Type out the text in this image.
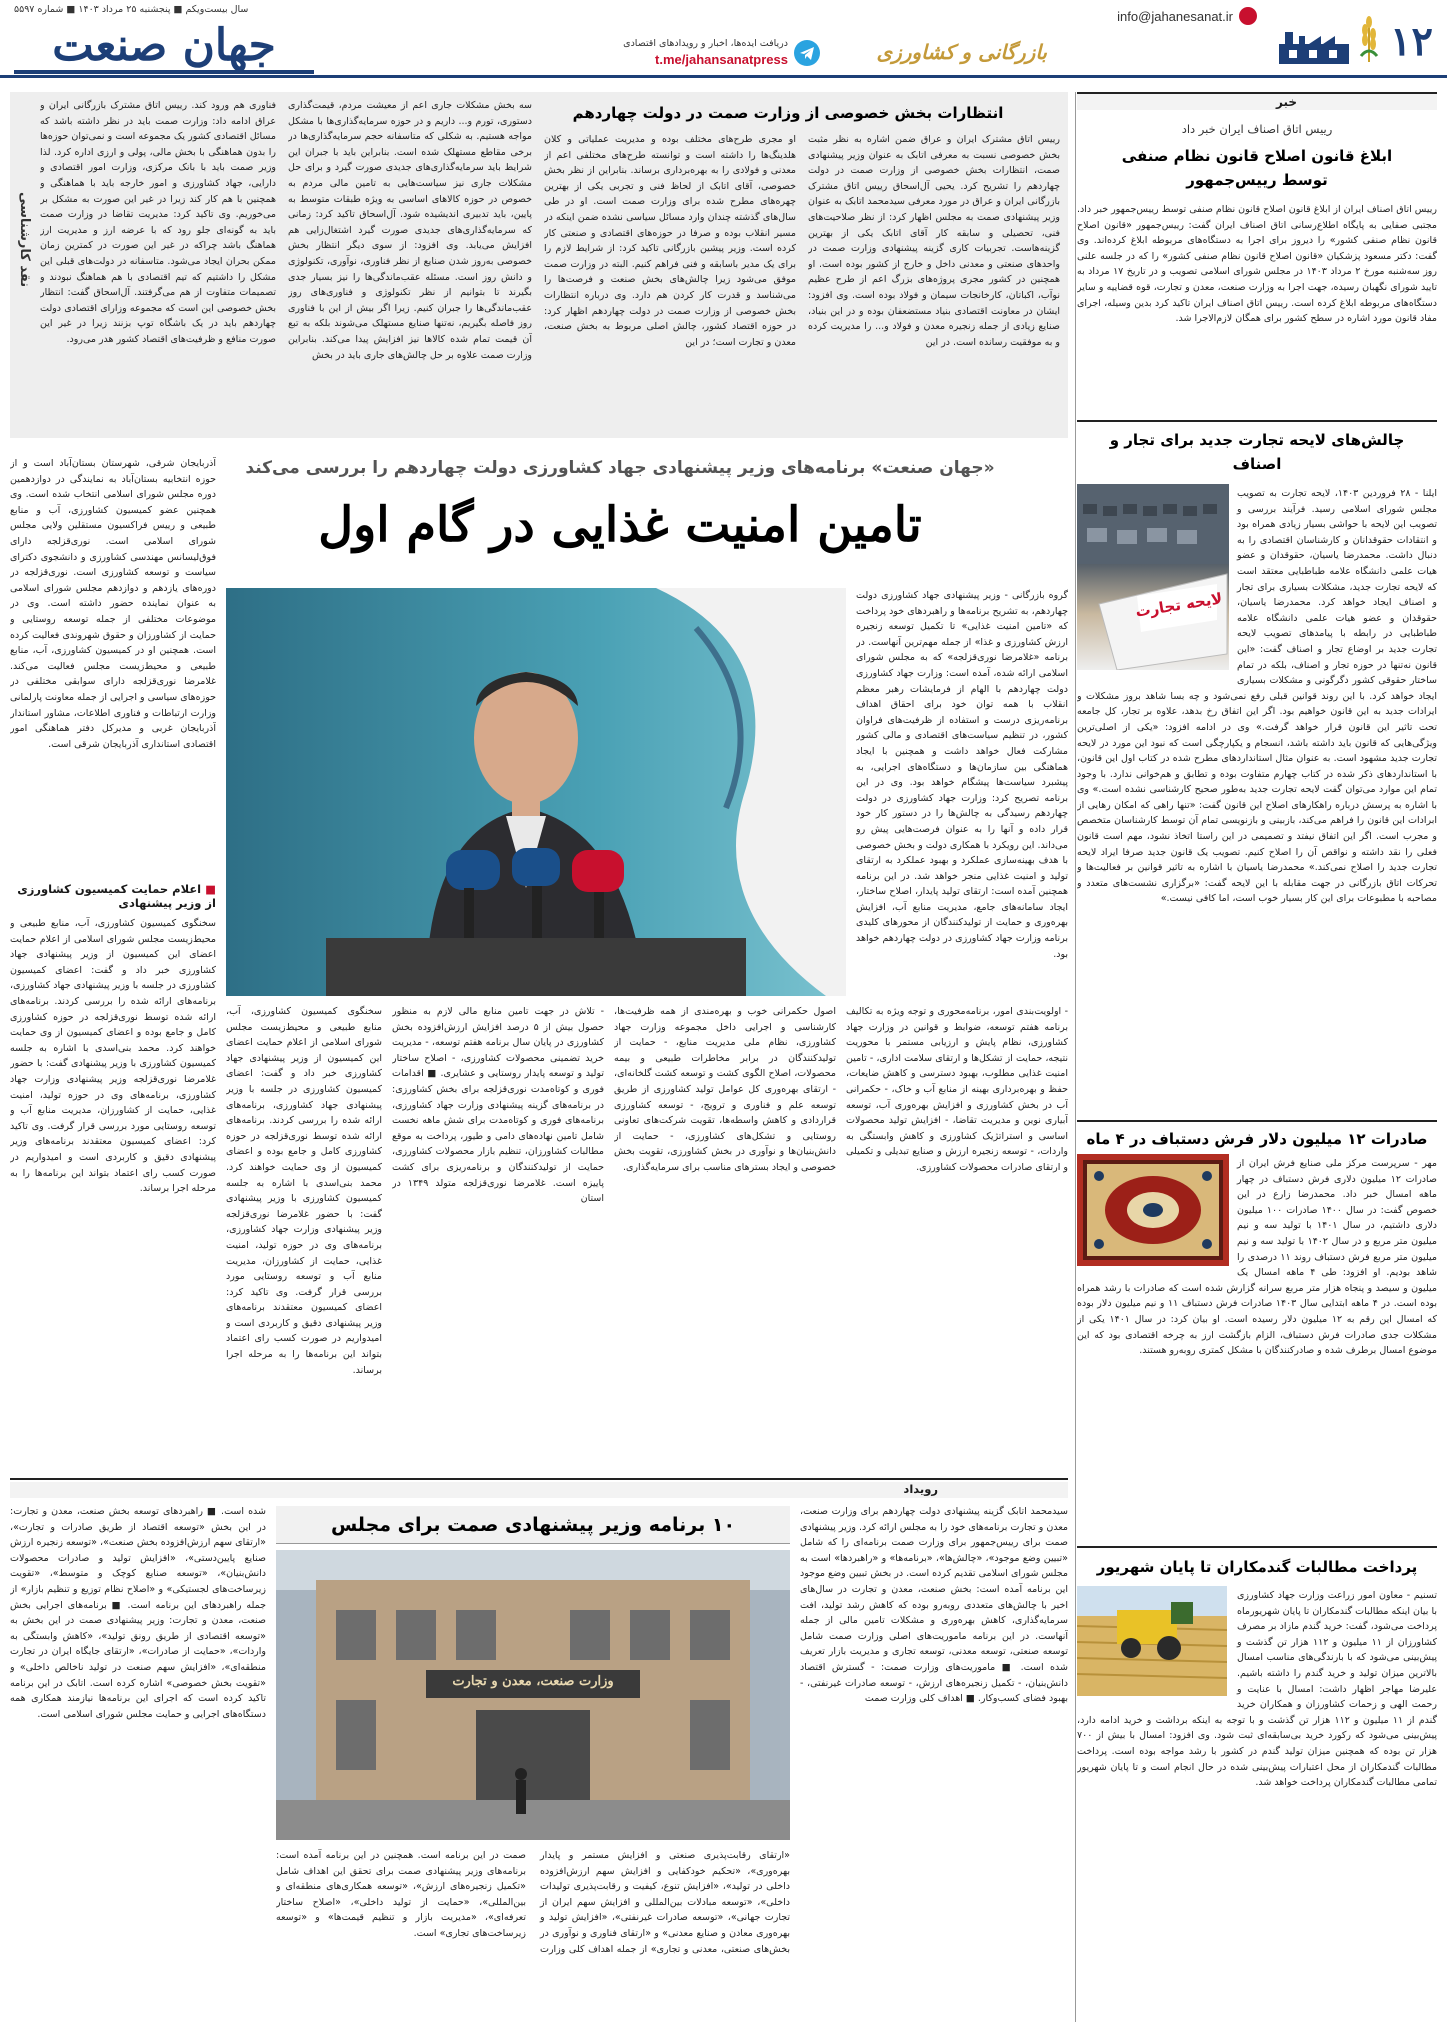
۱۲
info@jahanesanat.ir
بازرگانی و کشاورزی
دریافت ایده‌ها، اخبار و رویدادهای اقتصادی
t.me/jahansanatpress
سال بیست‌ویکم ■ پنجشنبه ۲۵ مرداد ۱۴۰۳ ■ شماره ۵۵۹۷
جهان صنعت
خبر
رییس اتاق اصناف ایران خبر داد
ابلاغ قانون اصلاح قانون نظام صنفی توسط رییس‌جمهور
رییس اتاق اصناف ایران از ابلاغ قانون اصلاح قانون نظام صنفی توسط رییس‌جمهور خبر داد. مجتبی صفایی به پایگاه اطلاع‌رسانی اتاق اصناف ایران گفت: رییس‌جمهور «قانون اصلاح قانون نظام صنفی کشور» را دیروز برای اجرا به دستگاه‌های مربوطه ابلاغ کرده‌اند. وی گفت: دکتر مسعود پزشکیان «قانون اصلاح قانون نظام صنفی کشور» را که در جلسه علنی روز سه‌شنبه مورخ ۲ مرداد ۱۴۰۳ در مجلس شورای اسلامی تصویب و در تاریخ ۱۷ مرداد به تایید شورای نگهبان رسیده، جهت اجرا به وزارت صنعت، معدن و تجارت، قوه قضاییه و سایر دستگاه‌های مربوطه ابلاغ کرده است. رییس اتاق اصناف ایران تاکید کرد بدین وسیله، اجرای مفاد قانون مورد اشاره در سطح کشور برای همگان لازم‌الاجرا شد.
چالش‌های لایحه تجارت جدید برای تجار و اصناف
لایحه تجارت
ایلنا - ۲۸ فروردین ۱۴۰۳، لایحه تجارت به تصویب مجلس شورای اسلامی رسید. فرآیند بررسی و تصویب این لایحه با حواشی بسیار زیادی همراه بود و انتقادات حقوقدانان و کارشناسان اقتصادی را به دنبال داشت. محمدرضا یاسیان، حقوقدان و عضو هیات علمی دانشگاه علامه طباطبایی معتقد است که لایحه تجارت جدید، مشکلات بسیاری برای تجار و اصناف ایجاد خواهد کرد. محمدرضا یاسیان، حقوقدان و عضو هیات علمی دانشگاه علامه طباطبایی در رابطه با پیامدهای تصویب لایحه تجارت جدید بر اوضاع تجار و اصناف گفت: «این قانون نه‌تنها در حوزه تجار و اصناف، بلکه در تمام ساختار حقوقی کشور دگرگونی و مشکلات بسیاری ایجاد خواهد کرد. با این روند قوانین قبلی رفع نمی‌شود و چه بسا شاهد بروز مشکلات و ایرادات جدید به این قانون خواهیم بود. اگر این اتفاق رخ بدهد، علاوه بر تجار، کل جامعه تحت تاثیر این قانون قرار خواهد گرفت.» وی در ادامه افزود: «یکی از اصلی‌ترین ویژگی‌هایی که قانون باید داشته باشد، انسجام و یکپارچگی است که نبود این مورد در لایحه تجارت جدید مشهود است. به عنوان مثال استانداردهای مطرح شده در کتاب اول این قانون، با استانداردهای ذکر شده در کتاب چهارم متفاوت بوده و تطابق و هم‌خوانی ندارد. با وجود تمام این موارد می‌توان گفت لایحه تجارت جدید به‌طور صحیح کارشناسی نشده است.» وی با اشاره به پرسش درباره راهکارهای اصلاح این قانون گفت: «تنها راهی که امکان رهایی از ابرادات این قانون را فراهم می‌کند، بازبینی و بازنویسی تمام آن توسط کارشناسان متخصص و مجرب است. اگر این اتفاق نیفتد و تصمیمی در این راستا اتخاذ نشود، مهم است قانون فعلی را نقد داشته و نواقص آن را اصلاح کنیم. تصویب یک قانون جدید صرفا ایراد لایحه تجارت جدید را اصلاح نمی‌کند.» محمدرضا یاسیان با اشاره به تاثیر قوانین بر فعالیت‌ها و تحرکات اتاق بازرگانی در جهت مقابله با این لایحه گفت: «برگزاری نشست‌های متعدد و مصاحبه با مطبوعات برای این کار بسیار خوب است، اما کافی نیست.»
صادرات ۱۲ میلیون دلار فرش دستباف در ۴ ماه
مهر - سرپرست مرکز ملی صنایع فرش ایران از صادرات ۱۲ میلیون دلاری فرش دستباف در چهار ماهه امسال خبر داد. محمدرضا زارع در این خصوص گفت: در سال ۱۴۰۰ صادرات ۱۰۰ میلیون دلاری داشتیم، در سال ۱۴۰۱ با تولید سه و نیم میلیون متر مربع و در سال ۱۴۰۲ با تولید سه و نیم میلیون متر مربع فرش دستباف روند ۱۱ درصدی را شاهد بودیم. او افزود: طی ۴ ماهه امسال یک میلیون و سیصد و پنجاه هزار متر مربع سرانه گزارش شده است که صادرات با رشد همراه بوده است. در ۴ ماهه ابتدایی سال ۱۴۰۳ صادرات فرش دستباف ۱۱ و نیم میلیون دلار بوده که امسال این رقم به ۱۲ میلیون دلار رسیده است. او بیان کرد: در سال ۱۴۰۱ یکی از مشکلات جدی صادرات فرش دستباف، الزام بازگشت ارز به چرخه اقتصادی بود که این موضوع امسال برطرف شده و صادرکنندگان با مشکل کمتری روبه‌رو هستند.
پرداخت مطالبات گندمکاران تا پایان شهریور
تسنیم - معاون امور زراعت وزارت جهاد کشاورزی با بیان اینکه مطالبات گندمکاران تا پایان شهریورماه پرداخت می‌شود، گفت: خرید گندم مازاد بر مصرف کشاورزان از ۱۱ میلیون و ۱۱۲ هزار تن گذشت و پیش‌بینی می‌شود که با بارندگی‌های مناسب امسال بالاترین میزان تولید و خرید گندم را داشته باشیم. علیرضا مهاجر اظهار داشت: امسال با عنایت و رحمت الهی و زحمات کشاورزان و همکاران خرید گندم از ۱۱ میلیون و ۱۱۲ هزار تن گذشت و با توجه به اینکه برداشت و خرید ادامه دارد، پیش‌بینی می‌شود که رکورد خرید بی‌سابقه‌ای ثبت شود. وی افزود: امسال با بیش از ۷۰۰ هزار تن بوده که همچنین میزان تولید گندم در کشور با رشد مواجه بوده است. پرداخت مطالبات گندمکاران از محل اعتبارات پیش‌بینی شده در حال انجام است و تا پایان شهریور تمامی مطالبات گندمکاران پرداخت خواهد شد.
نقد کارشناسی
انتظارات بخش خصوصی از وزارت صمت در دولت چهاردهم
رییس اتاق مشترک ایران و عراق ضمن اشاره به نظر مثبت بخش خصوصی نسبت به معرفی اتابک به عنوان وزیر پیشنهادی صمت، انتظارات بخش خصوصی از وزارت صمت در دولت چهاردهم را تشریح کرد. یحیی آل‌اسحاق رییس اتاق مشترک بازرگانی ایران و عراق در مورد معرفی سیدمحمد اتابک به عنوان وزیر پیشنهادی صمت به مجلس اظهار کرد: از نظر صلاحیت‌های فنی، تحصیلی و سابقه کار آقای اتابک یکی از بهترین گزینه‌هاست. تجربیات کاری گزینه پیشنهادی وزارت صمت در واحدهای صنعتی و معدنی داخل و خارج از کشور بوده است. او همچنین در کشور مجری پروژه‌های بزرگ اعم از طرح عظیم نوآب، اکباتان، کارخانجات سیمان و فولاد بوده است. وی افزود: ایشان در معاونت اقتصادی بنیاد مستضعفان بوده و در این بنیاد، صنایع زیادی از جمله زنجیره معدن و فولاد و... را مدیریت کرده و به موفقیت رسانده است. در این
او مجری طرح‌های مختلف بوده و مدیریت عملیاتی و کلان هلدینگ‌ها را داشته است و توانسته طرح‌های مختلفی اعم از معدنی و فولادی را به بهره‌برداری برساند. بنابراین از نظر بخش خصوصی، آقای اتابک از لحاظ فنی و تجربی یکی از بهترین چهره‌های مطرح شده برای وزارت صمت است. او در طی سال‌های گذشته چندان وارد مسائل سیاسی نشده ضمن اینکه در مسیر انقلاب بوده و صرفا در حوزه‌های اقتصادی و صنعتی کار کرده است. وزیر پیشین بازرگانی تاکید کرد: از شرایط لازم را برای یک مدیر باسابقه و فنی فراهم کنیم. البته در وزارت صمت موفق می‌شود زیرا چالش‌های بخش صنعت و فرصت‌ها را می‌شناسد و قدرت کار کردن هم دارد. وی درباره انتظارات بخش خصوصی از وزارت صمت در دولت چهاردهم اظهار کرد: در حوزه اقتصاد کشور، چالش اصلی مربوط به بخش صنعت، معدن و تجارت است؛ در این
سه بخش مشکلات جاری اعم از معیشت مردم، قیمت‌گذاری دستوری، تورم و... داریم و در حوزه سرمایه‌گذاری‌ها با مشکل مواجه هستیم. به شکلی که متاسفانه حجم سرمایه‌گذاری‌ها در برخی مقاطع مستهلک شده است. بنابراین باید با جبران این شرایط باید سرمایه‌گذاری‌های جدیدی صورت گیرد و برای حل مشکلات جاری نیز سیاست‌هایی به تامین مالی مردم به خصوص در حوزه کالاهای اساسی به ویژه طبقات متوسط به پایین، باید تدبیری اندیشیده شود. آل‌اسحاق تاکید کرد: زمانی که سرمایه‌گذاری‌های جدیدی صورت گیرد اشتغال‌زایی هم افزایش می‌یابد. وی افزود: از سوی دیگر انتظار بخش خصوصی به‌روز شدن صنایع از نظر فناوری، نوآوری، تکنولوژی و دانش روز است. مسئله عقب‌ماندگی‌ها را نیز بسیار جدی بگیرند تا بتوانیم از نظر تکنولوژی و فناوری‌های روز عقب‌ماندگی‌ها را جبران کنیم. زیرا اگر بیش از این با فناوری روز فاصله بگیریم، نه‌تنها صنایع مستهلک می‌شوند بلکه به تبع آن قیمت تمام شده کالاها نیز افزایش پیدا می‌کند. بنابراین وزارت صمت علاوه بر حل چالش‌های جاری باید در بخش
فناوری هم ورود کند. رییس اتاق مشترک بازرگانی ایران و عراق ادامه داد: وزارت صمت باید در نظر داشته باشد که مسائل اقتصادی کشور یک مجموعه است و نمی‌توان حوزه‌ها را بدون هماهنگی با بخش مالی، پولی و ارزی اداره کرد. لذا وزیر صمت باید با بانک مرکزی، وزارت امور اقتصادی و دارایی، جهاد کشاورزی و امور خارجه باید با هماهنگی و همچنین با هم کار کند زیرا در غیر این صورت به مشکل بر می‌خوریم. وی تاکید کرد: مدیریت تقاضا در وزارت صمت باید به گونه‌ای جلو رود که با عرضه ارز و مدیریت ارز هماهنگ باشد چراکه در غیر این صورت در کمترین زمان ممکن بحران ایجاد می‌شود. متاسفانه در دولت‌های قبلی این مشکل را داشتیم که تیم اقتصادی با هم هماهنگ نبودند و تصمیمات متفاوت از هم می‌گرفتند. آل‌اسحاق گفت: انتظار بخش خصوصی این است که مجموعه وزارای اقتصادی دولت چهاردهم باید در یک باشگاه توپ بزنند زیرا در غیر این صورت منافع و ظرفیت‌های اقتصاد کشور هدر می‌رود.
«جهان صنعت» برنامه‌های وزیر پیشنهادی جهاد کشاورزی دولت چهاردهم را بررسی می‌کند
تامین امنیت غذایی در گام اول
آذربایجان شرقی، شهرستان بستان‌آباد است و از حوزه انتخابیه بستان‌آباد به نمایندگی در دوازدهمین دوره مجلس شورای اسلامی انتخاب شده است. وی همچنین عضو کمیسیون کشاورزی، آب و منابع طبیعی و رییس فراکسیون مستقلین ولایی مجلس شورای اسلامی است. نوری‌قزلجه دارای فوق‌لیسانس مهندسی کشاورزی و دانشجوی دکترای سیاست و توسعه کشاورزی است. نوری‌قزلجه در دوره‌های یازدهم و دوازدهم مجلس شورای اسلامی به عنوان نماینده حضور داشته است. وی در موضوعات مختلفی از جمله توسعه روستایی و حمایت از کشاورزان و حقوق شهروندی فعالیت کرده است. همچنین او در کمیسیون کشاورزی، آب، منابع طبیعی و محیط‌زیست مجلس فعالیت می‌کند. غلامرضا نوری‌قزلجه دارای سوابقی مختلفی در حوزه‌های سیاسی و اجرایی از جمله معاونت پارلمانی وزارت ارتباطات و فناوری اطلاعات، مشاور استاندار آذربایجان غربی و مدیرکل دفتر هماهنگی امور اقتصادی استانداری آذربایجان شرقی است.
■ اعلام حمایت کمیسیون کشاورزی از وزیر پیشنهادی
سخنگوی کمیسیون کشاورزی، آب، منابع طبیعی و محیط‌زیست مجلس شورای اسلامی از اعلام حمایت اعضای این کمیسیون از وزیر پیشنهادی جهاد کشاورزی خبر داد و گفت: اعضای کمیسیون کشاورزی در جلسه با وزیر پیشنهادی جهاد کشاورزی، برنامه‌های ارائه شده را بررسی کردند. برنامه‌های ارائه شده توسط نوری‌قزلجه در حوزه کشاورزی کامل و جامع بوده و اعضای کمیسیون از وی حمایت خواهند کرد. محمد بنی‌اسدی با اشاره به جلسه کمیسیون کشاورزی با وزیر پیشنهادی گفت: با حضور غلامرضا نوری‌قزلجه وزیر پیشنهادی وزارت جهاد کشاورزی، برنامه‌های وی در حوزه تولید، امنیت غذایی، حمایت از کشاورزان، مدیریت منابع آب و توسعه روستایی مورد بررسی قرار گرفت. وی تاکید کرد: اعضای کمیسیون معتقدند برنامه‌های وزیر پیشنهادی دقیق و کاربردی است و امیدواریم در صورت کسب رای اعتماد بتواند این برنامه‌ها را به مرحله اجرا برساند.
گروه بازرگانی - وزیر پیشنهادی جهاد کشاورزی دولت چهاردهم، به تشریح برنامه‌ها و راهبردهای خود پرداخت که «تامین امنیت غذایی» تا تکمیل توسعه زنجیره ارزش کشاورزی و غذا» از جمله مهم‌ترین آنهاست. در برنامه «غلامرضا نوری‌قزلجه» که به مجلس شورای اسلامی ارائه شده، آمده است: وزارت جهاد کشاورزی دولت چهاردهم با الهام از فرمایشات رهبر معظم انقلاب با همه توان خود برای احقاق اهداف برنامه‌ریزی درست و استفاده از ظرفیت‌های فراوان کشور، در تنظیم سیاست‌های اقتصادی و مالی کشور مشارکت فعال خواهد داشت و همچنین با ایجاد هماهنگی بین سازمان‌ها و دستگاه‌های اجرایی، به پیشبرد سیاست‌ها پیشگام خواهد بود. وی در این برنامه تصریح کرد: وزارت جهاد کشاورزی در دولت چهاردهم رسیدگی به چالش‌ها را در دستور کار خود قرار داده و آنها را به عنوان فرصت‌هایی پیش رو می‌داند. این رویکرد با همکاری دولت و بخش خصوصی با هدف بهینه‌سازی عملکرد و بهبود عملکرد به ارتقای تولید و امنیت غذایی منجر خواهد شد. در این برنامه همچنین آمده است: ارتقای تولید پایدار، اصلاح ساختار، ایجاد سامانه‌های جامع، مدیریت منابع آب، افزایش بهره‌وری و حمایت از تولیدکنندگان از محورهای کلیدی برنامه وزارت جهاد کشاورزی در دولت چهاردهم خواهد بود.
- اولویت‌بندی امور، برنامه‌محوری و توجه ویژه به تکالیف برنامه هفتم توسعه، ضوابط و قوانین در وزارت جهاد کشاورزی، نظام پایش و ارزیابی مستمر با محوریت نتیجه، حمایت از تشکل‌ها و ارتقای سلامت اداری، - تامین امنیت غذایی مطلوب، بهبود دسترسی و کاهش ضایعات، حفظ و بهره‌برداری بهینه از منابع آب و خاک، - حکمرانی آب در بخش کشاورزی و افزایش بهره‌وری آب، توسعه آبیاری نوین و مدیریت تقاضا، - افزایش تولید محصولات اساسی و استراتژیک کشاورزی و کاهش وابستگی به واردات، - توسعه زنجیره ارزش و صنایع تبدیلی و تکمیلی و ارتقای صادرات محصولات کشاورزی.
اصول حکمرانی خوب و بهره‌مندی از همه ظرفیت‌ها، کارشناسی و اجرایی داخل مجموعه وزارت جهاد کشاورزی، نظام ملی مدیریت منابع، - حمایت از تولیدکنندگان در برابر مخاطرات طبیعی و بیمه محصولات، اصلاح الگوی کشت و توسعه کشت گلخانه‌ای، - ارتقای بهره‌وری کل عوامل تولید کشاورزی از طریق توسعه علم و فناوری و ترویج، - توسعه کشاورزی قراردادی و کاهش واسطه‌ها، تقویت شرکت‌های تعاونی روستایی و تشکل‌های کشاورزی، - حمایت از دانش‌بنیان‌ها و نوآوری در بخش کشاورزی، تقویت بخش خصوصی و ایجاد بسترهای مناسب برای سرمایه‌گذاری.
- تلاش در جهت تامین منابع مالی لازم به منظور حصول بیش از ۵ درصد افزایش ارزش‌افزوده بخش کشاورزی در پایان سال برنامه هفتم توسعه، - مدیریت خرید تضمینی محصولات کشاورزی، - اصلاح ساختار تولید و توسعه پایدار روستایی و عشایری. ■ اقدامات فوری و کوتاه‌مدت نوری‌قزلجه برای بخش کشاورزی: در برنامه‌های گزینه پیشنهادی وزارت جهاد کشاورزی، برنامه‌های فوری و کوتاه‌مدت برای شش ماهه نخست شامل تامین نهاده‌های دامی و طیور، پرداخت به موقع مطالبات کشاورزان، تنظیم بازار محصولات کشاورزی، حمایت از تولیدکنندگان و برنامه‌ریزی برای کشت پاییزه است. غلامرضا نوری‌قزلجه متولد ۱۳۴۹ در استان
سخنگوی کمیسیون کشاورزی، آب، منابع طبیعی و محیط‌زیست مجلس شورای اسلامی از اعلام حمایت اعضای این کمیسیون از وزیر پیشنهادی جهاد کشاورزی خبر داد و گفت: اعضای کمیسیون کشاورزی در جلسه با وزیر پیشنهادی جهاد کشاورزی، برنامه‌های ارائه شده را بررسی کردند. برنامه‌های ارائه شده توسط نوری‌قزلجه در حوزه کشاورزی کامل و جامع بوده و اعضای کمیسیون از وی حمایت خواهند کرد. محمد بنی‌اسدی با اشاره به جلسه کمیسیون کشاورزی با وزیر پیشنهادی گفت: با حضور غلامرضا نوری‌قزلجه وزیر پیشنهادی وزارت جهاد کشاورزی، برنامه‌های وی در حوزه تولید، امنیت غذایی، حمایت از کشاورزان، مدیریت منابع آب و توسعه روستایی مورد بررسی قرار گرفت. وی تاکید کرد: اعضای کمیسیون معتقدند برنامه‌های وزیر پیشنهادی دقیق و کاربردی است و امیدواریم در صورت کسب رای اعتماد بتواند این برنامه‌ها را به مرحله اجرا برساند.
رویداد
سیدمحمد اتابک گزینه پیشنهادی دولت چهاردهم برای وزارت صنعت، معدن و تجارت برنامه‌های خود را به مجلس ارائه کرد. وزیر پیشنهادی صمت برای رییس‌جمهور برای وزارت صمت برنامه‌ای را که شامل «تبیین وضع موجود»، «چالش‌ها»، «برنامه‌ها» و «راهبردها» است به مجلس شورای اسلامی تقدیم کرده است. در بخش تبیین وضع موجود این برنامه آمده است: بخش صنعت، معدن و تجارت در سال‌های اخیر با چالش‌های متعددی روبه‌رو بوده که کاهش رشد تولید، افت سرمایه‌گذاری، کاهش بهره‌وری و مشکلات تامین مالی از جمله آنهاست. در این برنامه ماموریت‌های اصلی وزارت صمت شامل توسعه صنعتی، توسعه معدنی، توسعه تجاری و مدیریت بازار تعریف شده است. ■ ماموریت‌های وزارت صمت: - گسترش اقتصاد دانش‌بنیان، - تکمیل زنجیره‌های ارزش، - توسعه صادرات غیرنفتی، - بهبود فضای کسب‌وکار. ■ اهداف کلی وزارت صمت
۱۰ برنامه وزیر پیشنهادی صمت برای مجلس
وزارت صنعت، معدن و تجارت
«ارتقای رقابت‌پذیری صنعتی و افزایش مستمر و پایدار بهره‌وری»، «تحکیم خودکفایی و افزایش سهم ارزش‌افزوده داخلی در تولید»، «افزایش تنوع، کیفیت و رقابت‌پذیری تولیدات داخلی»، «توسعه مبادلات بین‌المللی و افزایش سهم ایران از تجارت جهانی»، «توسعه صادرات غیرنفتی»، «افزایش تولید و بهره‌وری معادن و صنایع معدنی» و «ارتقای فناوری و نوآوری در بخش‌های صنعتی، معدنی و تجاری» از جمله اهداف کلی وزارت صمت در این برنامه است. همچنین در این برنامه آمده است: برنامه‌های وزیر پیشنهادی صمت برای تحقق این اهداف شامل «تکمیل زنجیره‌های ارزش»، «توسعه همکاری‌های منطقه‌ای و بین‌المللی»، «حمایت از تولید داخلی»، «اصلاح ساختار تعرفه‌ای»، «مدیریت بازار و تنظیم قیمت‌ها» و «توسعه زیرساخت‌های تجاری» است.
شده است. ■ راهبردهای توسعه بخش صنعت، معدن و تجارت: در این بخش «توسعه اقتصاد از طریق صادرات و تجارت»، «ارتقای سهم ارزش‌افزوده بخش صنعت»، «توسعه زنجیره ارزش صنایع پایین‌دستی»، «افزایش تولید و صادرات محصولات دانش‌بنیان»، «توسعه صنایع کوچک و متوسط»، «تقویت زیرساخت‌های لجستیکی» و «اصلاح نظام توزیع و تنظیم بازار» از جمله راهبردهای این برنامه است. ■ برنامه‌های اجرایی بخش صنعت، معدن و تجارت: وزیر پیشنهادی صمت در این بخش به «توسعه اقتصادی از طریق رونق تولید»، «کاهش وابستگی به واردات»، «حمایت از صادرات»، «ارتقای جایگاه ایران در تجارت منطقه‌ای»، «افزایش سهم صنعت در تولید ناخالص داخلی» و «تقویت بخش خصوصی» اشاره کرده است. اتابک در این برنامه تاکید کرده است که اجرای این برنامه‌ها نیازمند همکاری همه دستگاه‌های اجرایی و حمایت مجلس شورای اسلامی است.
